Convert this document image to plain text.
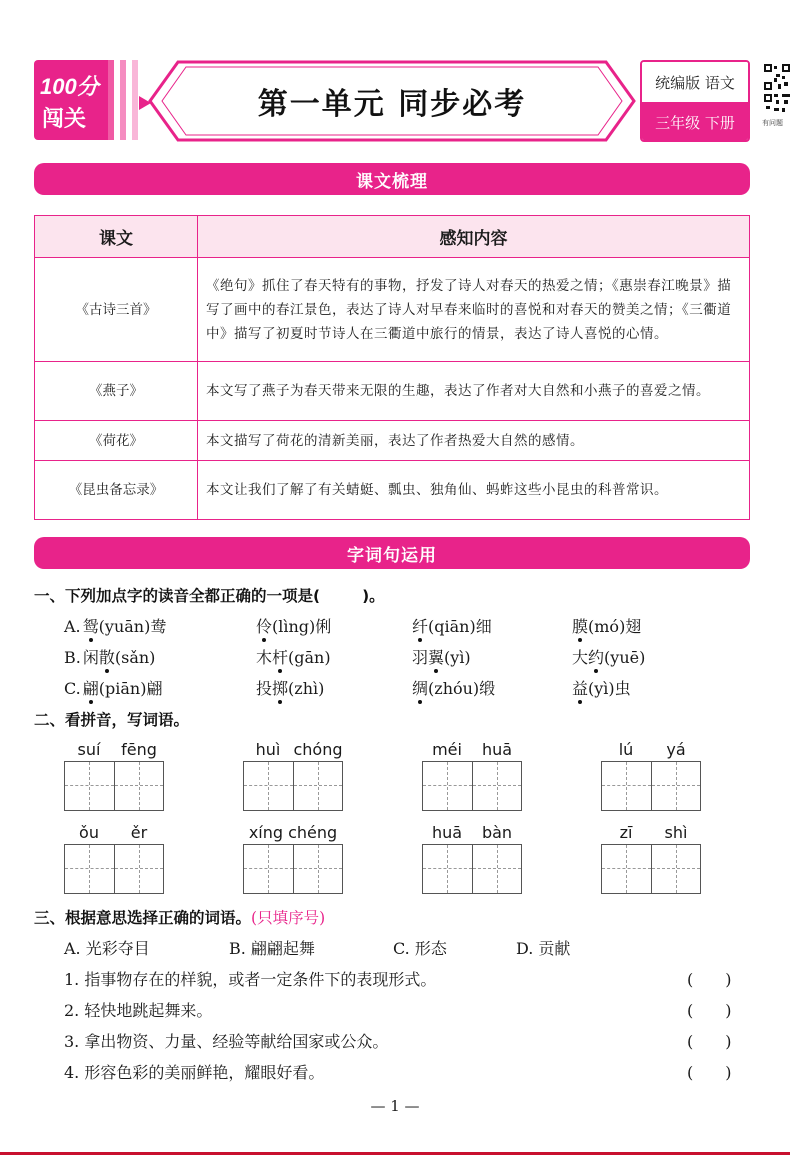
100分
闯关	第一单元 同步必考
统编版 语文
三年级 下册	有问题
课文梳理
课文	感知内容
《古诗三首》	《绝句》抓住了春天特有的事物，抒发了诗人对春天的热爱之情；《惠崇春江晚景》描写了画中的春江景色，表达了诗人对早春来临时的喜悦和对春天的赞美之情；《三衢道中》描写了初夏时节诗人在三衢道中旅行的情景，表达了诗人喜悦的心情。
《燕子》	本文写了燕子为春天带来无限的生趣，表达了作者对大自然和小燕子的喜爱之情。
《荷花》	本文描写了荷花的清新美丽，表达了作者热爱大自然的感情。
《昆虫备忘录》	本文让我们了解了有关蜻蜓、瓢虫、独角仙、蚂蚱这些小昆虫的科普常识。
字词句运用
一、下列加点字的读音全都正确的一项是(	)。
A. 鸳(yuān)鸯	伶(lìng)俐	纤(qiān)细	膜(mó)翅
B. 闲散(sǎn)	木杆(gān)	羽翼(yì)	大约(yuē)
C. 翩(piān)翩	投掷(zhì)	绸(zhóu)缎	益(yì)虫
二、看拼音，写词语。
suí	fēng	huì chóng	méi	huā	lú	yá
ǒu	ěr	xíng chéng	huā	bàn	zī	shì
三、根据意思选择正确的词语。(只填序号)
A. 光彩夺目	B. 翩翩起舞	C. 形态	D. 贡献
1. 指事物存在的样貌，或者一定条件下的表现形式。	(　　)
2. 轻快地跳起舞来。	(　　)
3. 拿出物资、力量、经验等献给国家或公众。	(　　)
4. 形容色彩的美丽鲜艳，耀眼好看。	(　　)
— 1 —
